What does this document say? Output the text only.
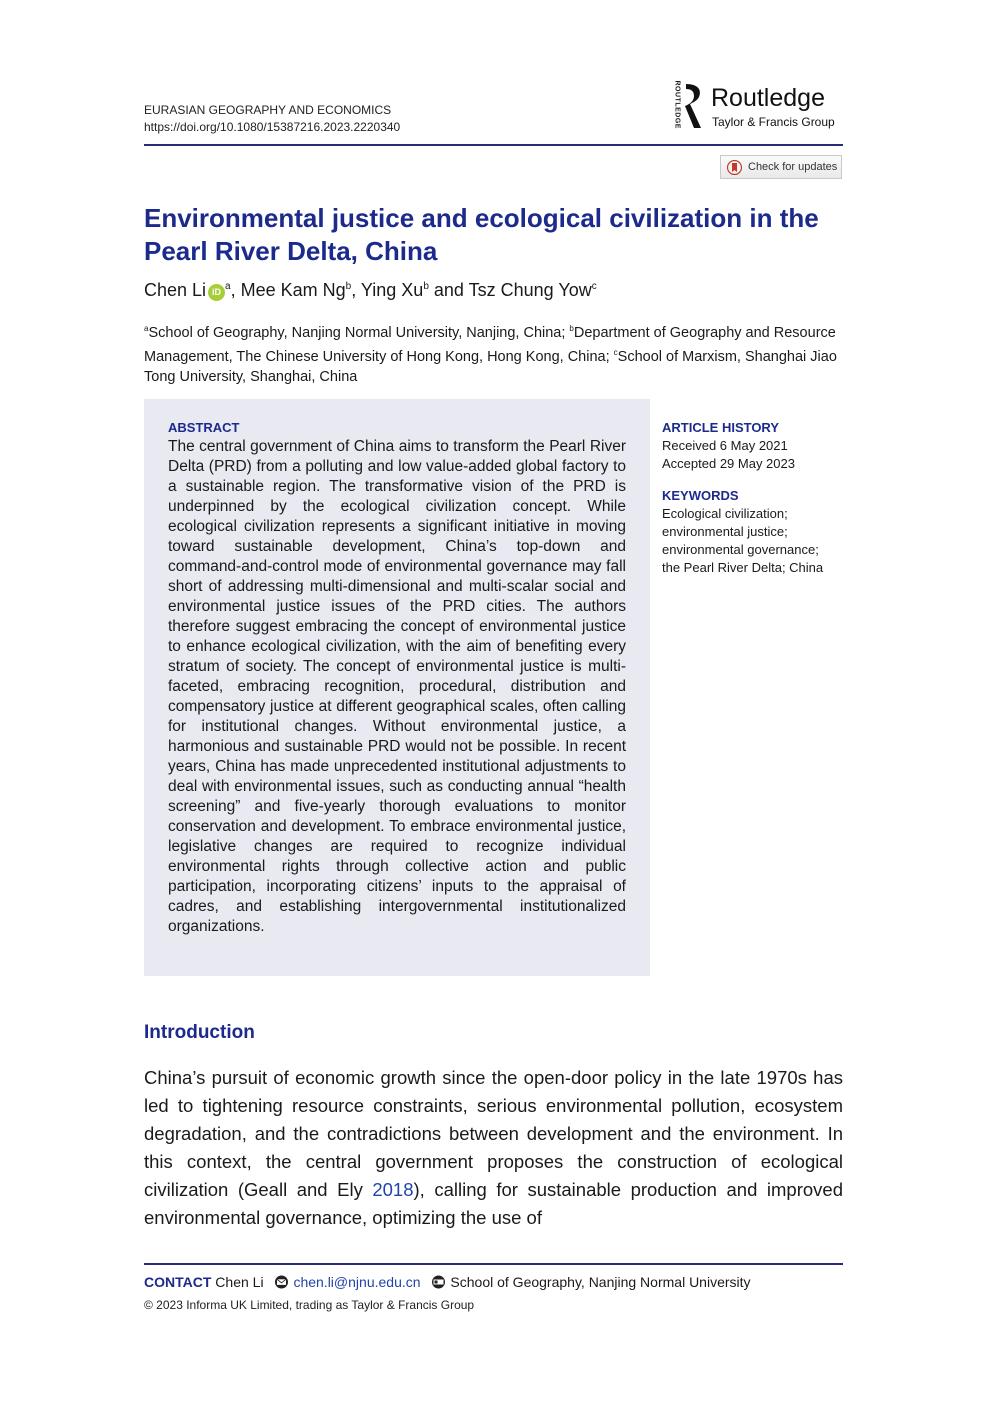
EURASIAN GEOGRAPHY AND ECONOMICS
https://doi.org/10.1080/15387216.2023.2220340	ROUTLEDGE Routledge
Taylor & Francis Group
Check for updates
Environmental justice and ecological civilization in the Pearl River Delta, China
Chen Li iD $^a$, Mee Kam Ng$^b$, Ying Xu$^b$ and Tsz Chung Yow$^c$
$^a$School of Geography, Nanjing Normal University, Nanjing, China; $^b$Department of Geography and Resource Management, The Chinese University of Hong Kong, Hong Kong, China; $^c$School of Marxism, Shanghai Jiao Tong University, Shanghai, China
ABSTRACT
The central government of China aims to transform the Pearl River Delta (PRD) from a polluting and low value-added global factory to a sustainable region. The transformative vision of the PRD is underpinned by the ecological civilization concept. While ecological civilization represents a significant initiative in moving toward sustainable development, China’s top-down and command-and-control mode of environmental governance may fall short of addressing multi-dimensional and multi-scalar social and environmental justice issues of the PRD cities. The authors therefore suggest embracing the concept of environmental justice to enhance ecological civilization, with the aim of benefiting every stratum of society. The concept of environmental justice is multifaceted, embracing recognition, procedural, distribution and compensatory justice at different geographical scales, often calling for institutional changes. Without environmental justice, a harmonious and sustainable PRD would not be possible. In recent years, China has made unprecedented institutional adjustments to deal with environmental issues, such as conducting annual “health screening” and five-yearly thorough evaluations to monitor conservation and development. To embrace environmental justice, legislative changes are required to recognize individual environmental rights through collective action and public participation, incorporating citizens’ inputs to the appraisal of cadres, and establishing intergovernmental institutionalized organizations.
ARTICLE HISTORY
Received 6 May 2021
Accepted 29 May 2023
KEYWORDS
Ecological civilization;
environmental justice;
environmental governance;
the Pearl River Delta; China
Introduction
China’s pursuit of economic growth since the open-door policy in the late 1970s has led to tightening resource constraints, serious environmental pollution, ecosystem degradation, and the contradictions between development and the environment. In this context, the central government proposes the construction of ecological civilization (Geall and Ely 2018), calling for sustainable production and improved environmental governance, optimizing the use of
CONTACT Chen Li chen.li@njnu.edu.cn School of Geography, Nanjing Normal University
© 2023 Informa UK Limited, trading as Taylor & Francis Group
